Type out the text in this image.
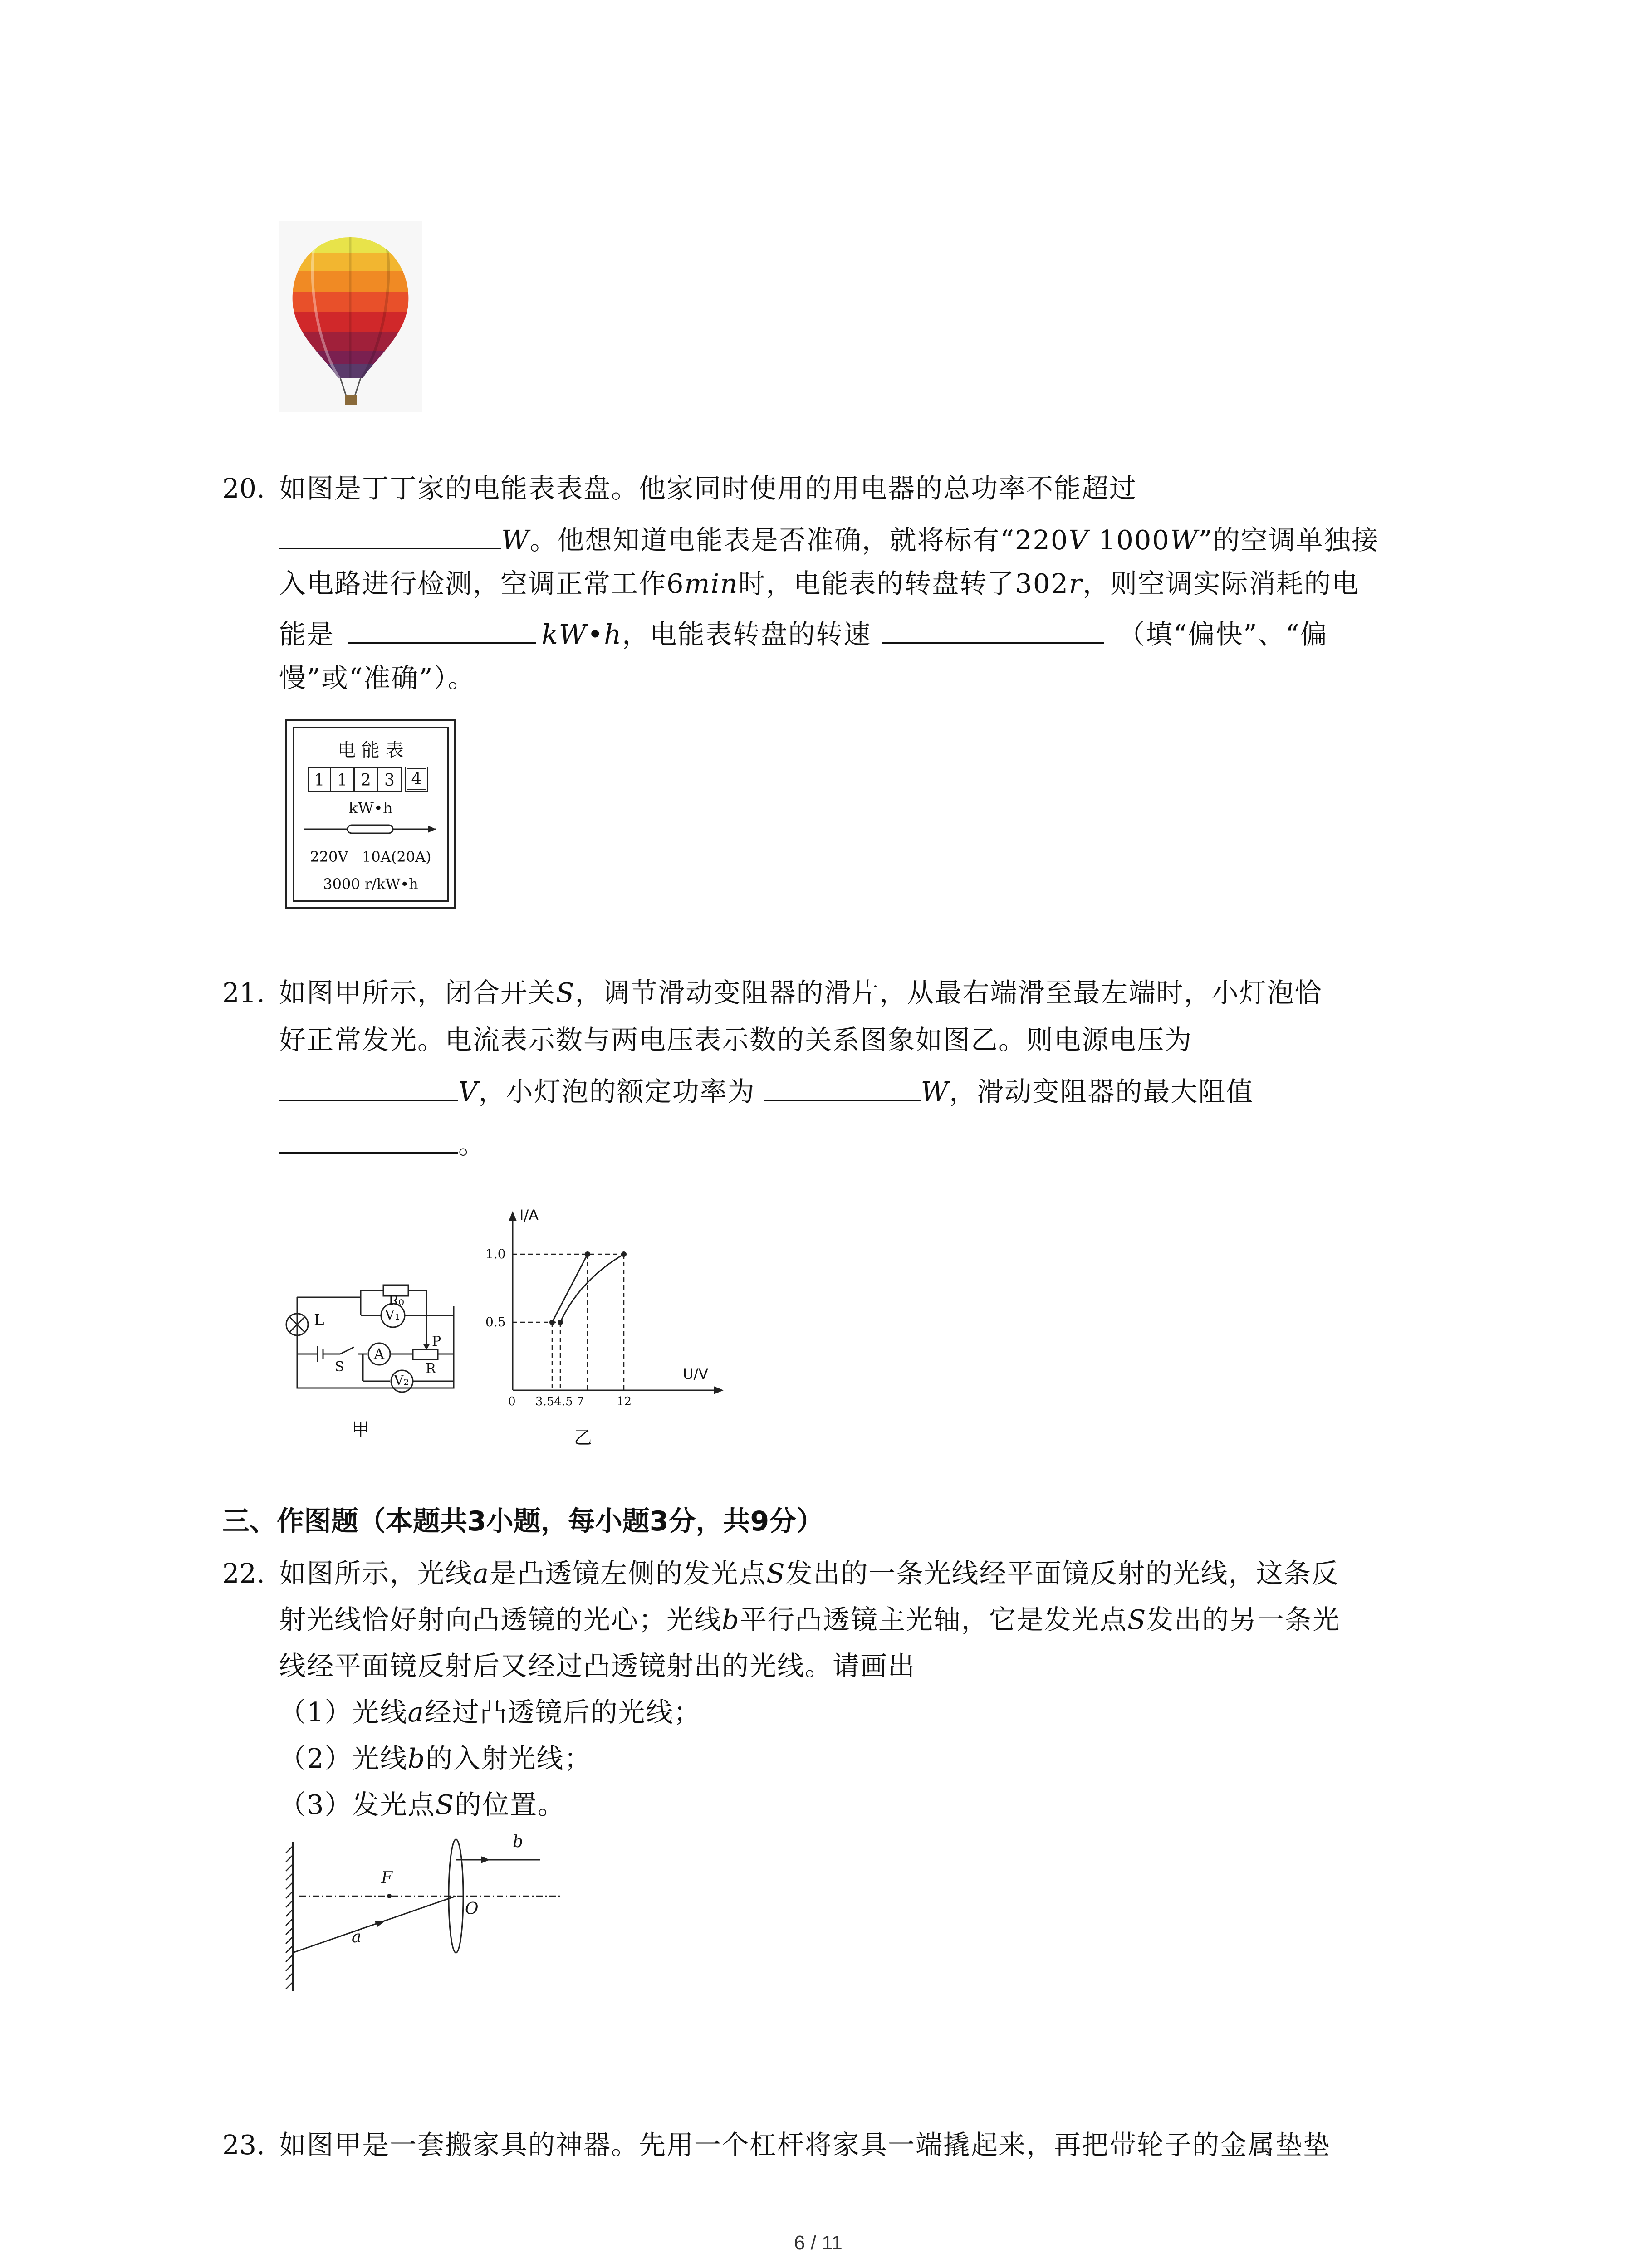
20. 如图是丁丁家的电能表表盘。他家同时使用的用电器的总功率不能超过
W。他想知道电能表是否准确，就将标有“220V 1000W”的空调单独接
入电路进行检测，空调正常工作6min时，电能表的转盘转了302r，则空调实际消耗的电
能是	kW•h，电能表转盘的转速	（填“偏快”、“偏
慢”或“准确”）。
电 能 表
1 1 2 3	4
kW•h
220V   10A(20A)
3000 r/kW•h
21. 如图甲所示，闭合开关S，调节滑动变阻器的滑片，从最右端滑至最左端时，小灯泡恰
好正常发光。电流表示数与两电压表示数的关系图象如图乙。则电源电压为
V，小灯泡的额定功率为	W，滑动变阻器的最大阻值
。
L
R₀
V₁
A
S
P
R
V₂
甲
I/A
1.0
0.5
U/V
0 3.54.5 7	12
乙
三、作图题（本题共3小题，每小题3分，共9分）
22. 如图所示，光线a是凸透镜左侧的发光点S发出的一条光线经平面镜反射的光线，这条反
射光线恰好射向凸透镜的光心；光线b平行凸透镜主光轴，它是发光点S发出的另一条光
线经平面镜反射后又经过凸透镜射出的光线。请画出
（1）光线a经过凸透镜后的光线；
（2）光线b的入射光线；
（3）发光点S的位置。
b
F
O
a
23. 如图甲是一套搬家具的神器。先用一个杠杆将家具一端撬起来，再把带轮子的金属垫垫
6 / 11
